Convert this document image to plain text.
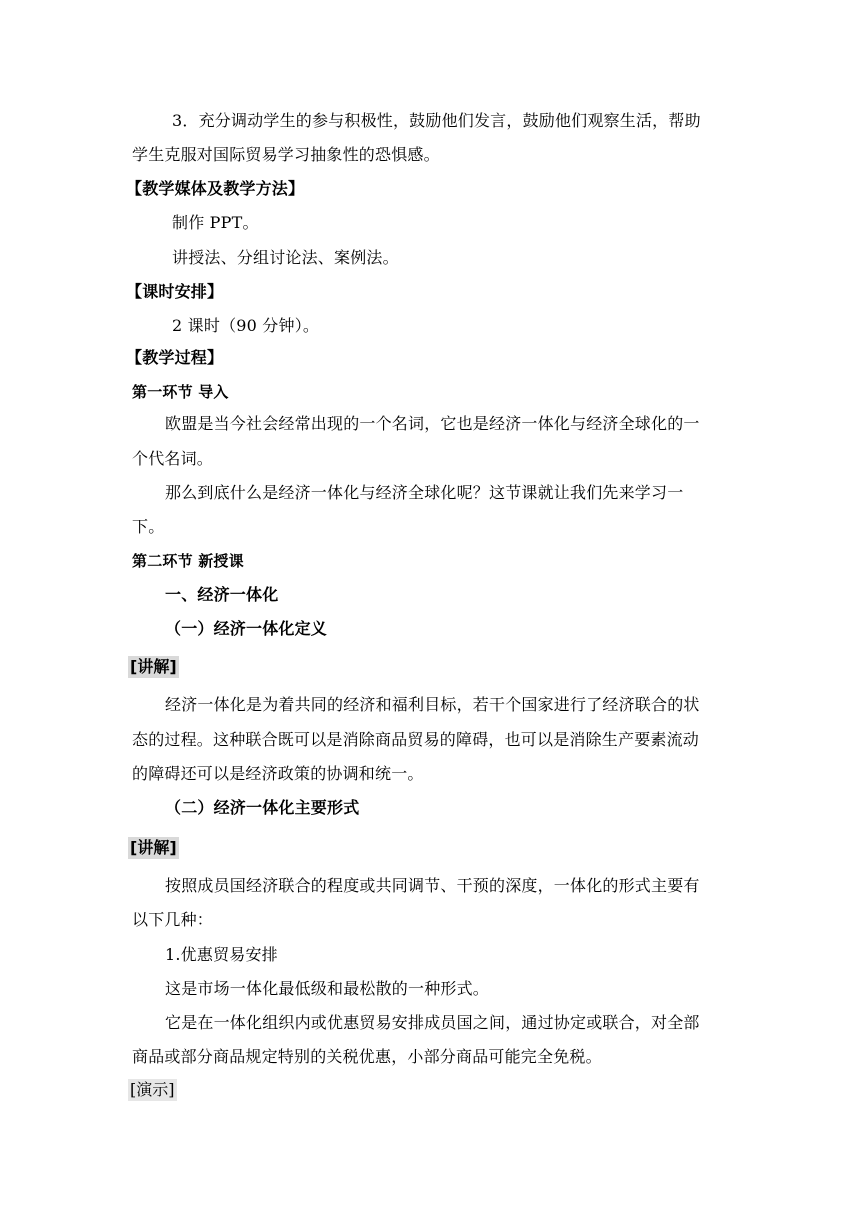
3．充分调动学生的参与积极性，鼓励他们发言，鼓励他们观察生活，帮助
学生克服对国际贸易学习抽象性的恐惧感。
【教学媒体及教学方法】
制作 PPT。
讲授法、分组讨论法、案例法。
【课时安排】
2 课时（90 分钟）。
【教学过程】
第一环节 导入
欧盟是当今社会经常出现的一个名词，它也是经济一体化与经济全球化的一
个代名词。
那么到底什么是经济一体化与经济全球化呢？这节课就让我们先来学习一
下。
第二环节 新授课
一、经济一体化
（一）经济一体化定义
[讲解]
经济一体化是为着共同的经济和福利目标，若干个国家进行了经济联合的状
态的过程。这种联合既可以是消除商品贸易的障碍，也可以是消除生产要素流动
的障碍还可以是经济政策的协调和统一。
（二）经济一体化主要形式
[讲解]
按照成员国经济联合的程度或共同调节、干预的深度，一体化的形式主要有
以下几种：
1.优惠贸易安排
这是市场一体化最低级和最松散的一种形式。
它是在一体化组织内或优惠贸易安排成员国之间，通过协定或联合，对全部
商品或部分商品规定特别的关税优惠，小部分商品可能完全免税。
[演示]
